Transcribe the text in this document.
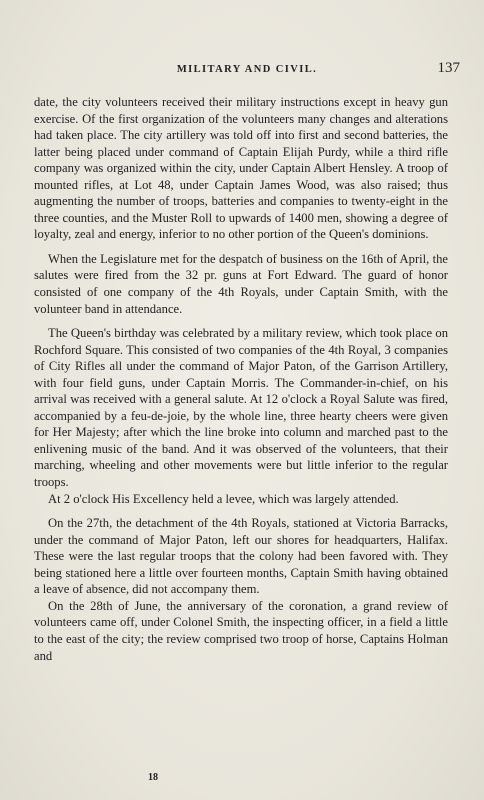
MILITARY AND CIVIL.	137

date, the city volunteers received their military instructions except in heavy gun exercise. Of the first organization of the volunteers many changes and alterations had taken place. The city artillery was told off into first and second batteries, the latter being placed under command of Captain Elijah Purdy, while a third rifle company was organized within the city, under Captain Albert Hensley. A troop of mounted rifles, at Lot 48, under Captain James Wood, was also raised; thus augmenting the number of troops, batteries and companies to twenty-eight in the three counties, and the Muster Roll to upwards of 1400 men, showing a degree of loyalty, zeal and energy, inferior to no other portion of the Queen's dominions.

When the Legislature met for the despatch of business on the 16th of April, the salutes were fired from the 32 pr. guns at Fort Edward. The guard of honor consisted of one company of the 4th Royals, under Captain Smith, with the volunteer band in attendance.

The Queen's birthday was celebrated by a military review, which took place on Rochford Square. This consisted of two companies of the 4th Royal, 3 companies of City Rifles all under the command of Major Paton, of the Garrison Artillery, with four field guns, under Captain Morris. The Commander-in-chief, on his arrival was received with a general salute. At 12 o'clock a Royal Salute was fired, accompanied by a feu-de-joie, by the whole line, three hearty cheers were given for Her Majesty; after which the line broke into column and marched past to the enlivening music of the band. And it was observed of the volunteers, that their marching, wheeling and other movements were but little inferior to the regular troops.

At 2 o'clock His Excellency held a levee, which was largely attended.

On the 27th, the detachment of the 4th Royals, stationed at Victoria Barracks, under the command of Major Paton, left our shores for headquarters, Halifax. These were the last regular troops that the colony had been favored with. They being stationed here a little over fourteen months, Captain Smith having obtained a leave of absence, did not accompany them.

On the 28th of June, the anniversary of the coronation, a grand review of volunteers came off, under Colonel Smith, the inspecting officer, in a field a little to the east of the city; the review comprised two troop of horse, Captains Holman and

18
